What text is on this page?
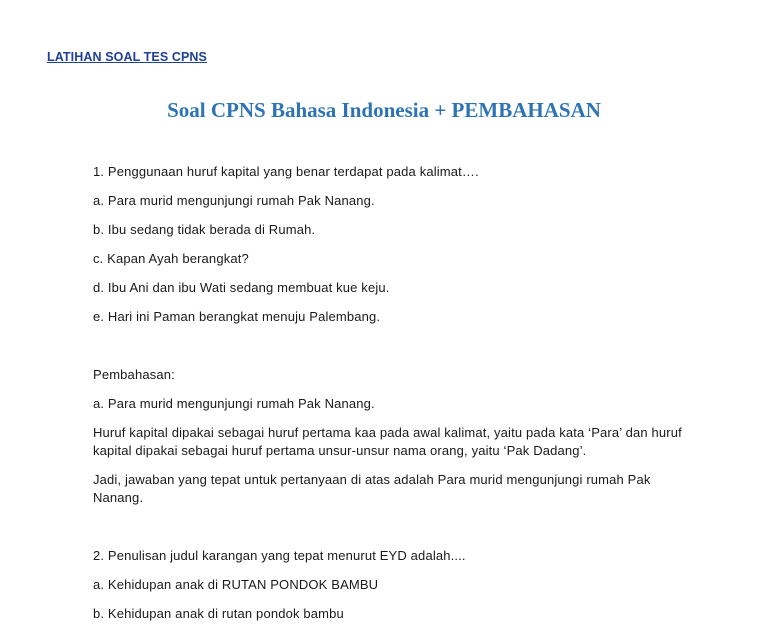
LATIHAN SOAL TES CPNS
Soal CPNS Bahasa Indonesia + PEMBAHASAN

1. Penggunaan huruf kapital yang benar terdapat pada kalimat….

a. Para murid mengunjungi rumah Pak Nanang.

b. Ibu sedang tidak berada di Rumah.

c. Kapan Ayah berangkat?

d. Ibu Ani dan ibu Wati sedang membuat kue keju.

e. Hari ini Paman berangkat menuju Palembang.

Pembahasan:

a. Para murid mengunjungi rumah Pak Nanang.

Huruf kapital dipakai sebagai huruf pertama kaa pada awal kalimat, yaitu pada kata ‘Para’ dan huruf

kapital dipakai sebagai huruf pertama unsur-unsur nama orang, yaitu ‘Pak Dadang’.

Jadi, jawaban yang tepat untuk pertanyaan di atas adalah Para murid mengunjungi rumah Pak

Nanang.

2. Penulisan judul karangan yang tepat menurut EYD adalah....

a. Kehidupan anak di RUTAN PONDOK BAMBU

b. Kehidupan anak di rutan pondok bambu
